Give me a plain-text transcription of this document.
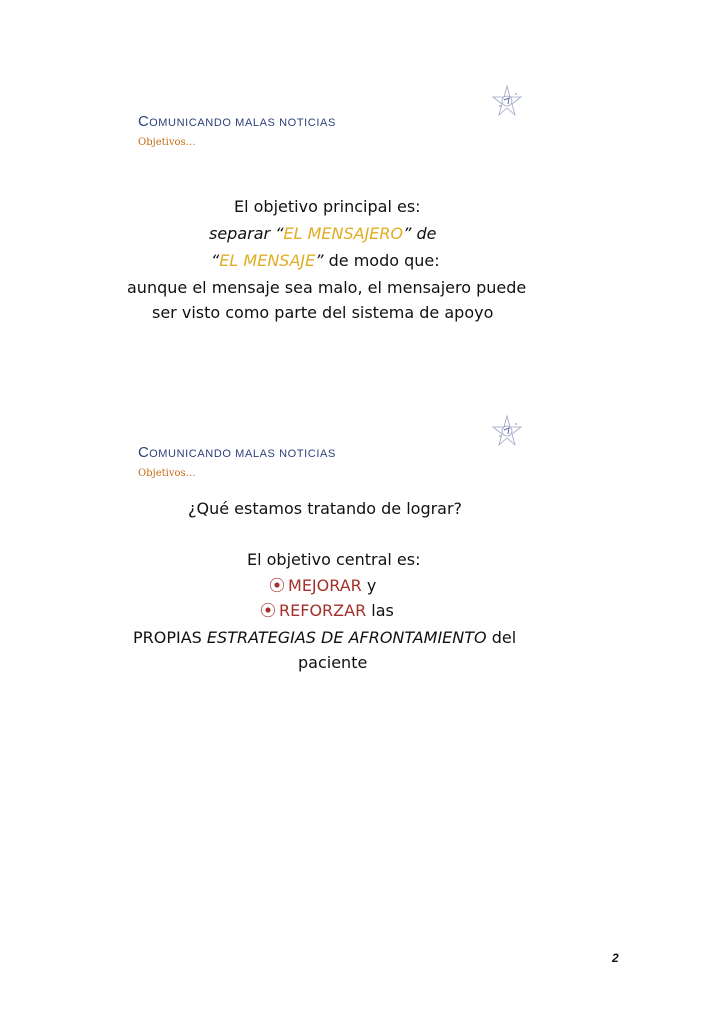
COMUNICANDO MALAS NOTICIAS
Objetivos…
El objetivo principal es:
separar “EL MENSAJERO” de
“EL MENSAJE” de modo que:
aunque el mensaje sea malo, el mensajero puede
ser visto como parte del sistema de apoyo
COMUNICANDO MALAS NOTICIAS
Objetivos…
¿Qué estamos tratando de lograr?
El objetivo central es:
⦿ MEJORAR y
⦿ REFORZAR las
PROPIAS ESTRATEGIAS DE AFRONTAMIENTO del
paciente
2
